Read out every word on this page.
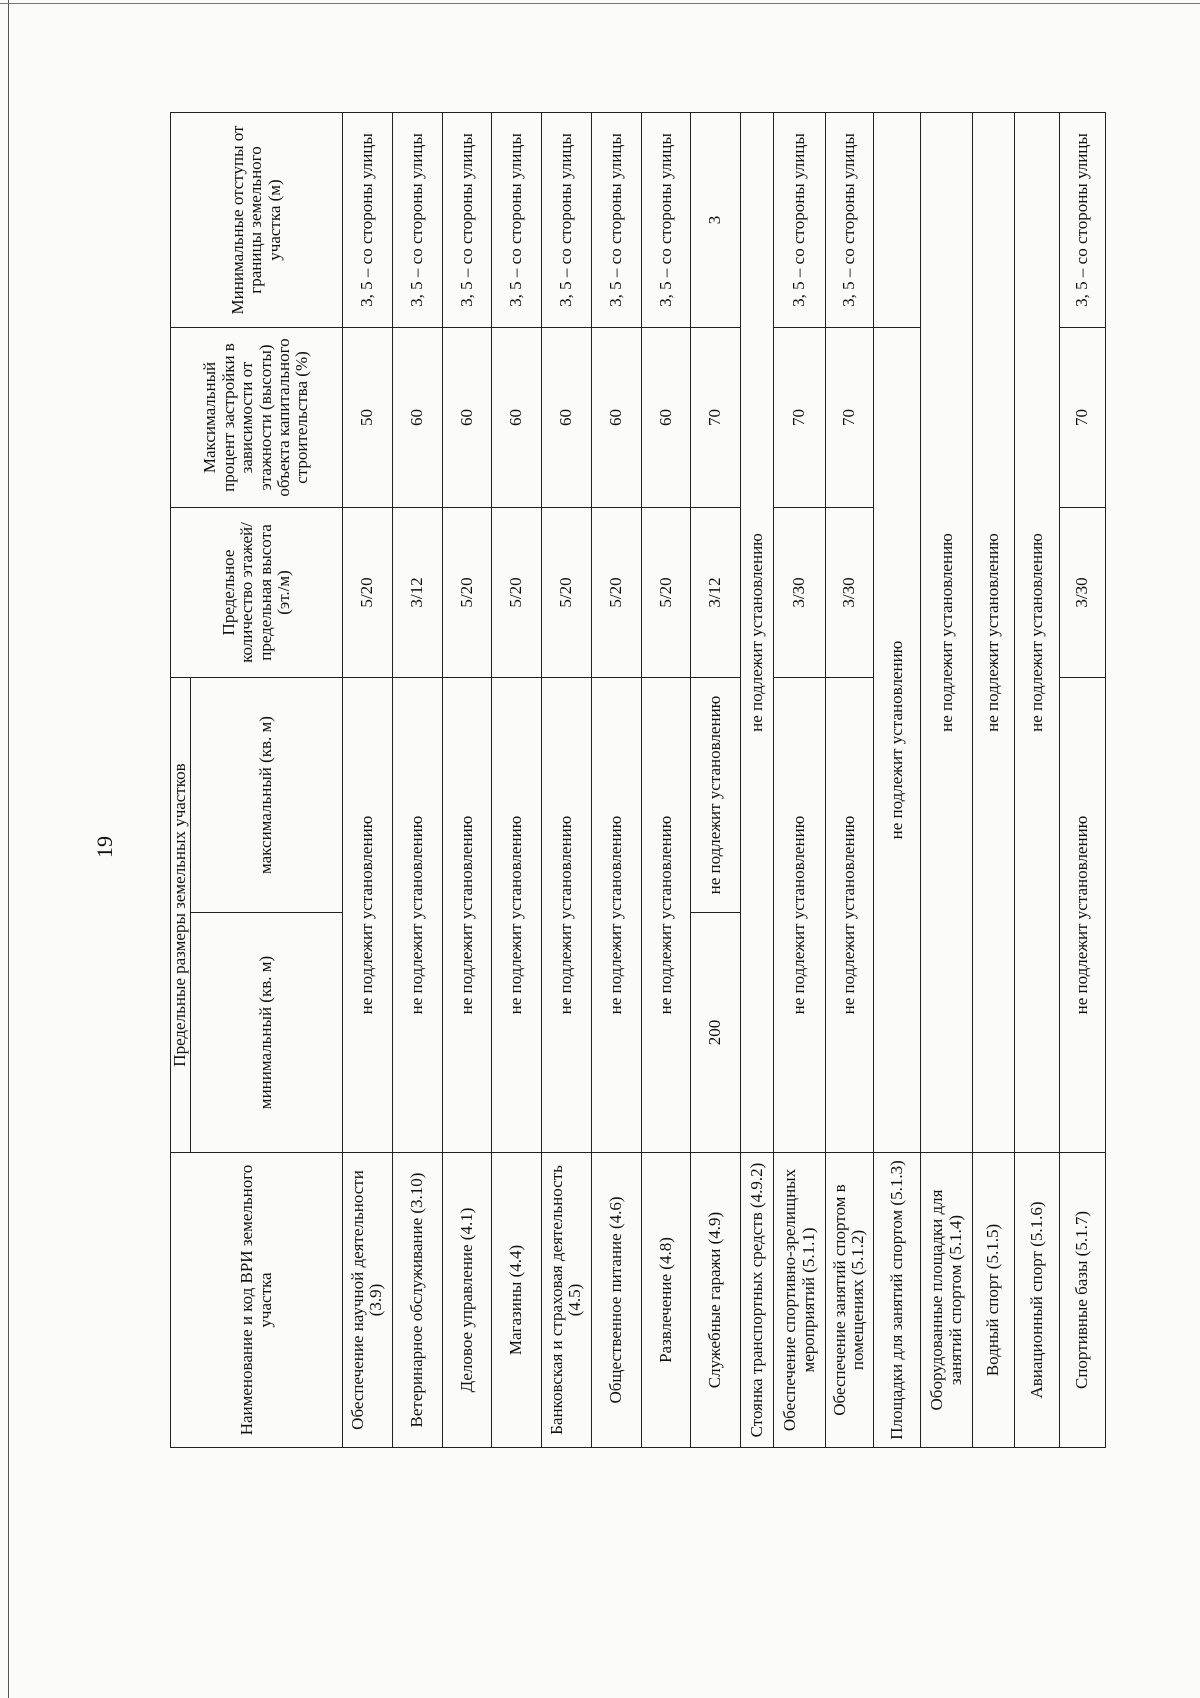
19
Наименование и код ВРИ земельного участка	Предельные размеры земельных участков		Предельное количество этажей/предельная высота (эт./м)	Максимальный процент застройки в зависимости от этажности (высоты) объекта капитального строительства (%)	Минимальные отступы от границы земельного участка (м)
	минимальный (кв. м)	максимальный (кв. м)			
Обеспечение научной деятельности (3.9)	не подлежит установлению		5/20	50	3, 5 – со стороны улицы
Ветеринарное обслуживание (3.10)	не подлежит установлению		3/12	60	3, 5 – со стороны улицы
Деловое управление (4.1)	не подлежит установлению		5/20	60	3, 5 – со стороны улицы
Магазины (4.4)	не подлежит установлению		5/20	60	3, 5 – со стороны улицы
Банковская и страховая деятельность (4.5)	не подлежит установлению		5/20	60	3, 5 – со стороны улицы
Общественное питание (4.6)	не подлежит установлению		5/20	60	3, 5 – со стороны улицы
Развлечение (4.8)	не подлежит установлению		5/20	60	3, 5 – со стороны улицы
Служебные гаражи (4.9)	200	не подлежит установлению	3/12	70	3
Стоянка транспортных средств (4.9.2)	не подлежит установлению				
Обеспечение спортивно-зрелищных мероприятий (5.1.1)	не подлежит установлению		3/30	70	3, 5 – со стороны улицы
Обеспечение занятий спортом в помещениях (5.1.2)	не подлежит установлению		3/30	70	3, 5 – со стороны улицы
Площадки для занятий спортом (5.1.3)	не подлежит установлению				
Оборудованные площадки для занятий спортом (5.1.4)	не подлежит установлению				
Водный спорт (5.1.5)	не подлежит установлению				
Авиационный спорт (5.1.6)	не подлежит установлению				
Спортивные базы (5.1.7)	не подлежит установлению		3/30	70	3, 5 – со стороны улицы
